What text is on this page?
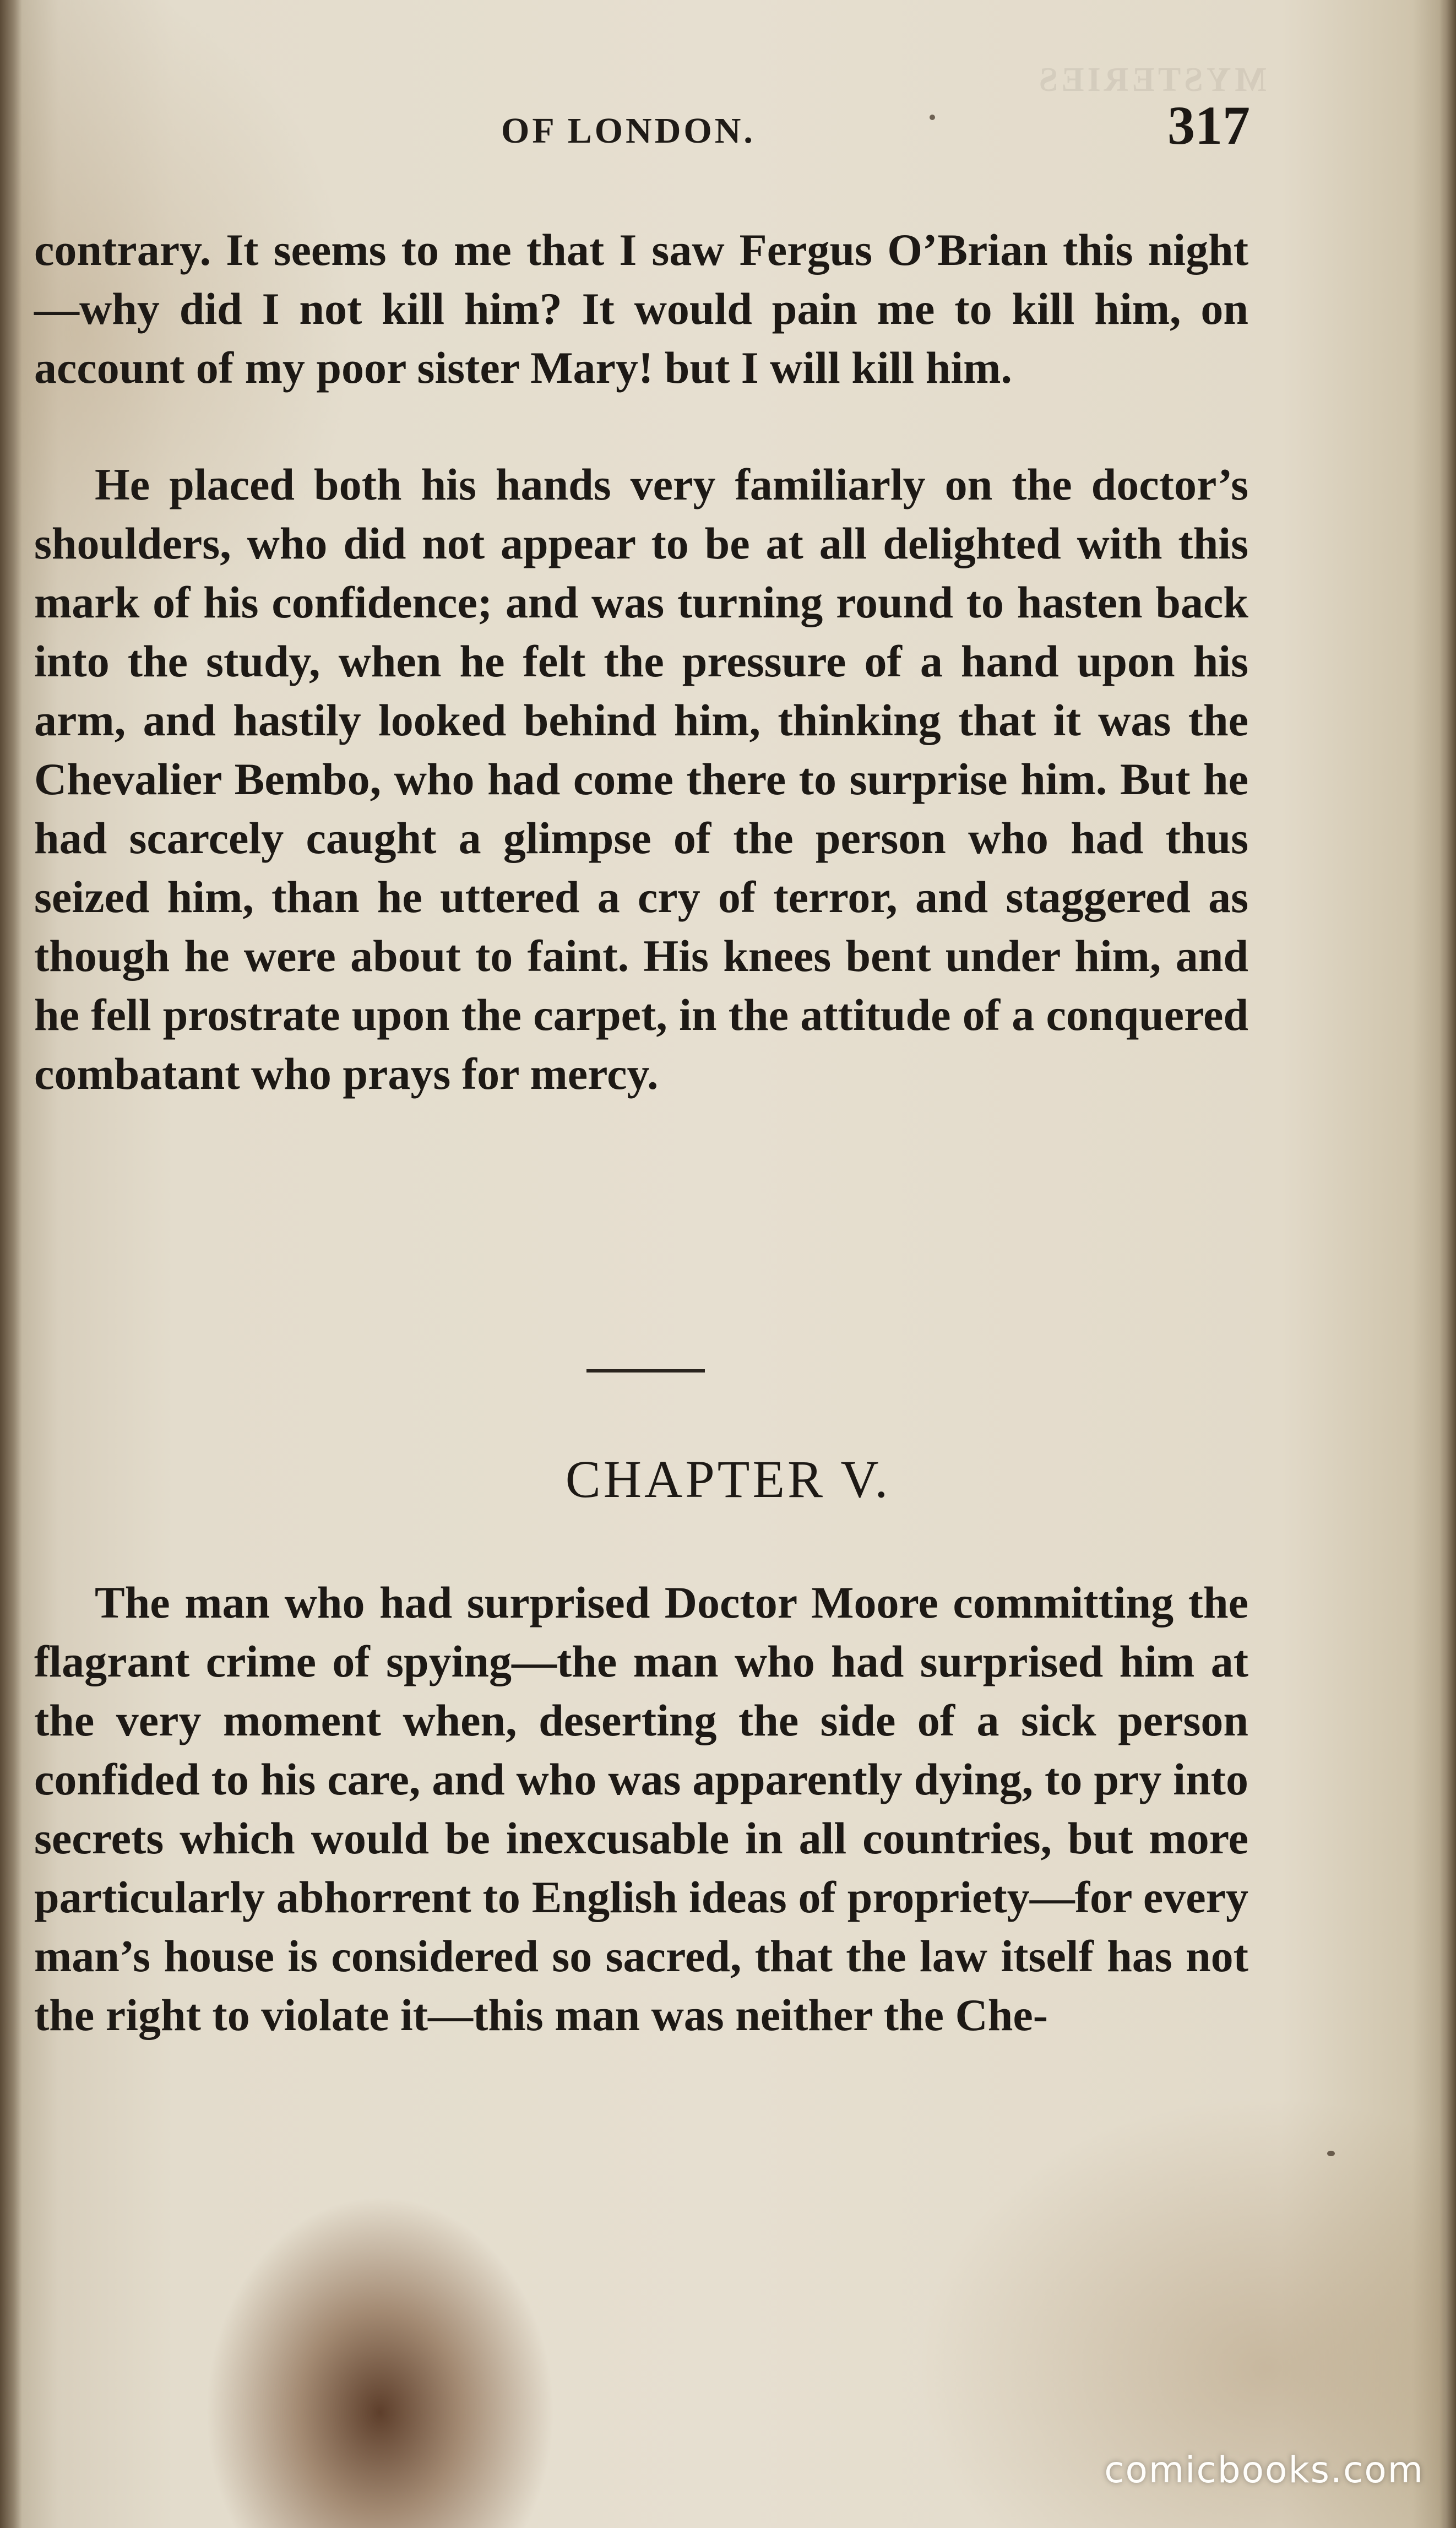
MYSTERIES
OF LONDON.	317

contrary. It seems to me that I saw Fergus O’Brian this night—why did I not kill him? It would pain me to kill him, on account of my poor sister Mary! but I will kill him.

He placed both his hands very familiarly on the doctor’s shoulders, who did not appear to be at all delighted with this mark of his confidence; and was turning round to hasten back into the study, when he felt the pressure of a hand upon his arm, and hastily looked behind him, thinking that it was the Chevalier Bembo, who had come there to surprise him. But he had scarcely caught a glimpse of the person who had thus seized him, than he uttered a cry of terror, and staggered as though he were about to faint. His knees bent under him, and he fell prostrate upon the carpet, in the attitude of a conquered combatant who prays for mercy.

CHAPTER V.

The man who had surprised Doctor Moore committing the flagrant crime of spying—the man who had surprised him at the very moment when, deserting the side of a sick person confided to his care, and who was apparently dying, to pry into secrets which would be inexcusable in all countries, but more particularly abhorrent to English ideas of propriety—for every man’s house is considered so sacred, that the law itself has not the right to violate it—this man was neither the Che-

comicbooks.com
